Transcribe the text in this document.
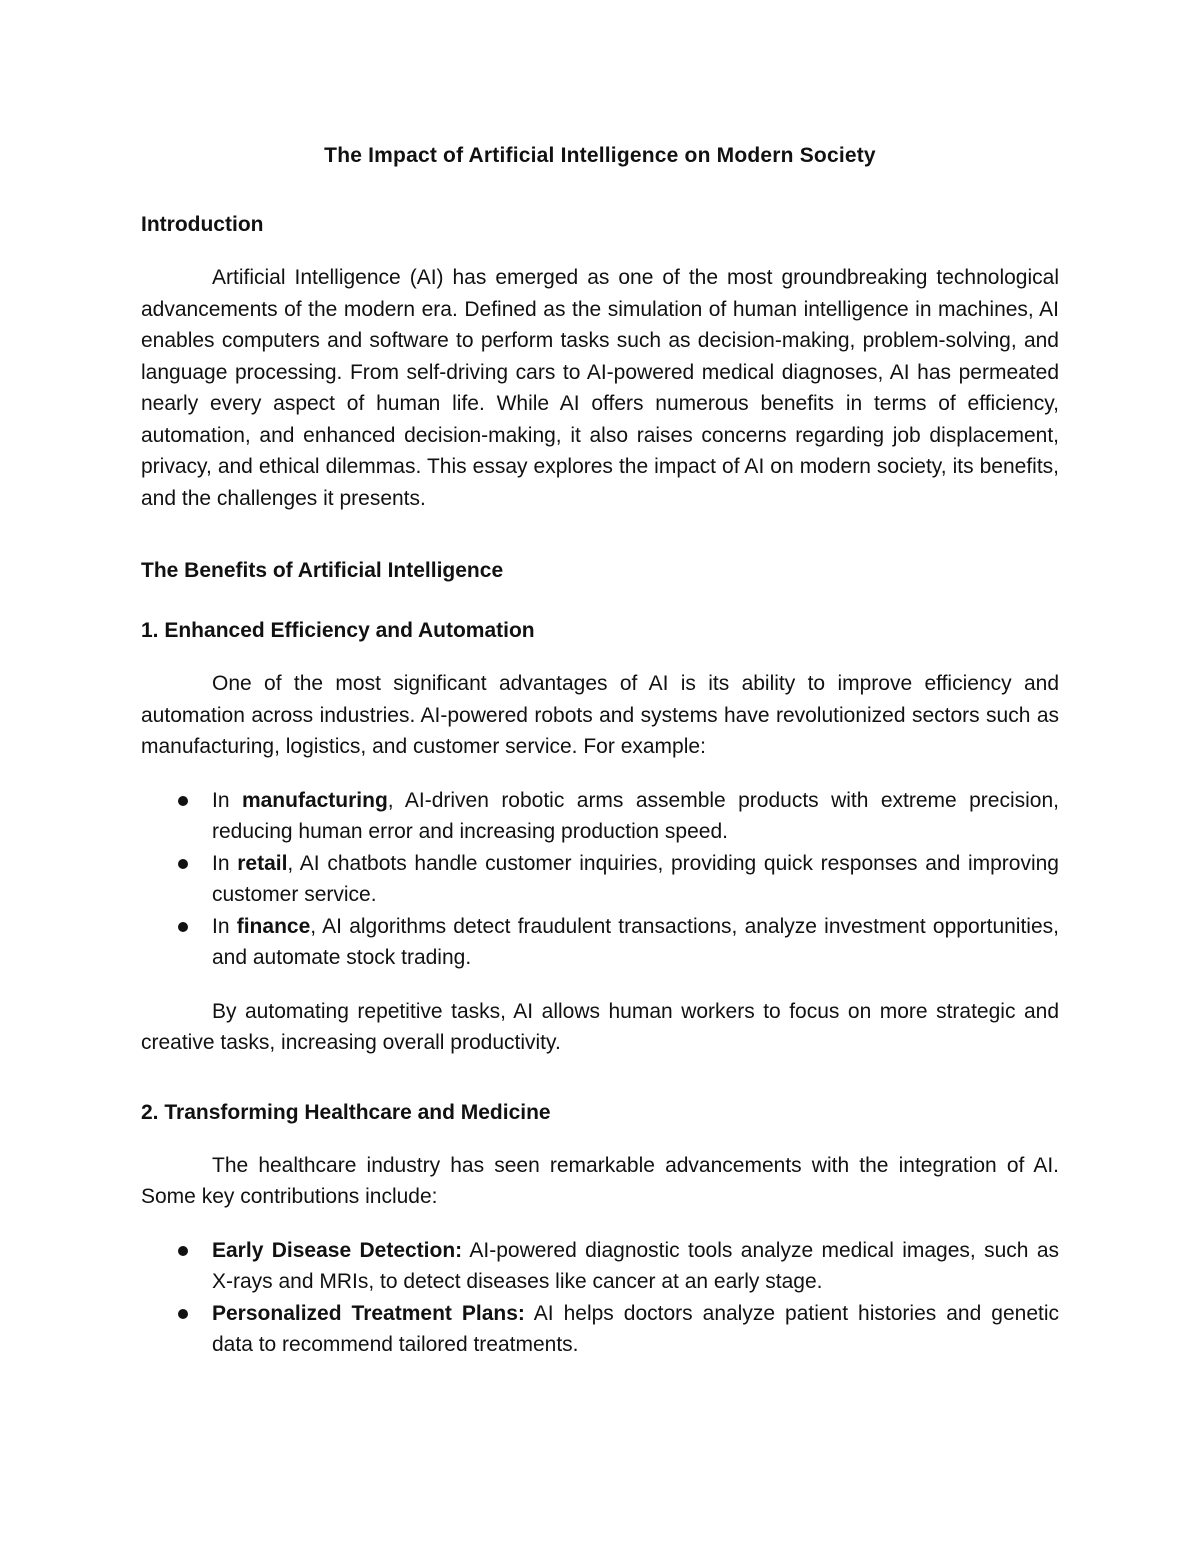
The Impact of Artificial Intelligence on Modern Society
Introduction

Artificial Intelligence (AI) has emerged as one of the most groundbreaking technological advancements of the modern era. Defined as the simulation of human intelligence in machines, AI enables computers and software to perform tasks such as decision-making, problem-solving, and language processing. From self-driving cars to AI-powered medical diagnoses, AI has permeated nearly every aspect of human life. While AI offers numerous benefits in terms of efficiency, automation, and enhanced decision-making, it also raises concerns regarding job displacement, privacy, and ethical dilemmas. This essay explores the impact of AI on modern society, its benefits, and the challenges it presents.

The Benefits of Artificial Intelligence
1. Enhanced Efficiency and Automation

One of the most significant advantages of AI is its ability to improve efficiency and automation across industries. AI-powered robots and systems have revolutionized sectors such as manufacturing, logistics, and customer service. For example:

In manufacturing, AI-driven robotic arms assemble products with extreme precision, reducing human error and increasing production speed.
In retail, AI chatbots handle customer inquiries, providing quick responses and improving customer service.
In finance, AI algorithms detect fraudulent transactions, analyze investment opportunities, and automate stock trading.

By automating repetitive tasks, AI allows human workers to focus on more strategic and creative tasks, increasing overall productivity.

2. Transforming Healthcare and Medicine

The healthcare industry has seen remarkable advancements with the integration of AI. Some key contributions include:

Early Disease Detection: AI-powered diagnostic tools analyze medical images, such as X-rays and MRIs, to detect diseases like cancer at an early stage.
Personalized Treatment Plans: AI helps doctors analyze patient histories and genetic data to recommend tailored treatments.
